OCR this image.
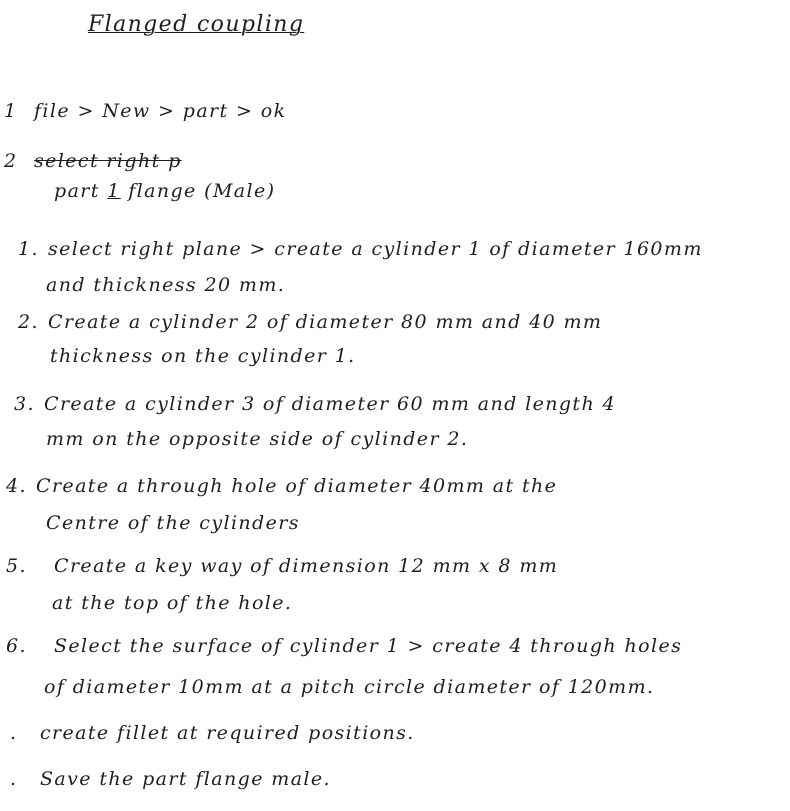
Flanged coupling
1 file > New > part > ok
2 select right p
part 1 flange (Male)
1. select right plane > create a cylinder 1 of diameter 160mm
and thickness 20 mm.
2. Create a cylinder 2 of diameter 80 mm and 40 mm
thickness on the cylinder 1.
3. Create a cylinder 3 of diameter 60 mm and length 4
mm on the opposite side of cylinder 2.
4. Create a through hole of diameter 40mm at the
Centre of the cylinders
5. Create a key way of dimension 12 mm x 8 mm
at the top of the hole.
6. Select the surface of cylinder 1 > create 4 through holes
of diameter 10mm at a pitch circle diameter of 120mm.
. create fillet at required positions.
. Save the part flange male.
